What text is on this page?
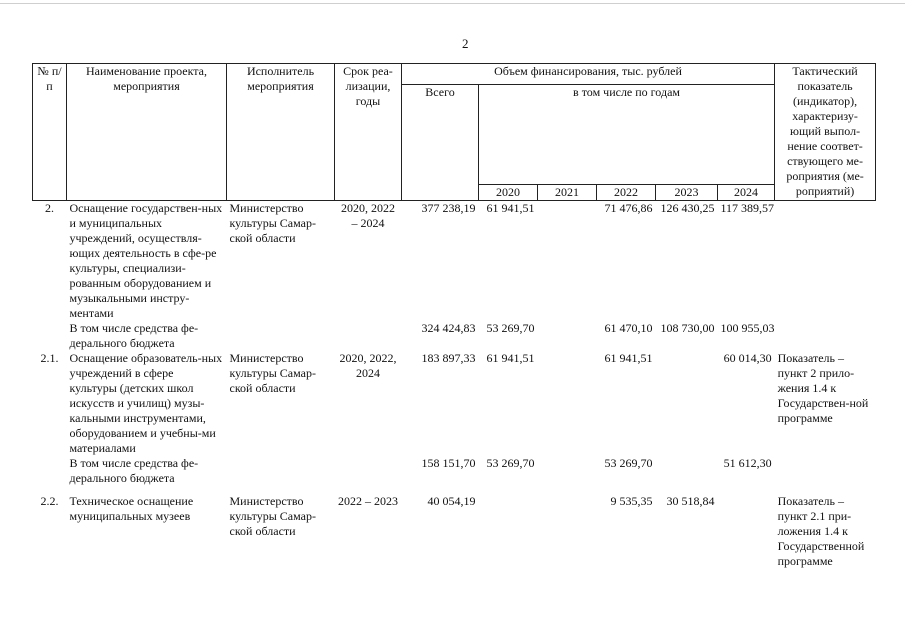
2
№ п/п	Наименование проекта, мероприятия	Исполнитель мероприятия	Срок реа-лизации, годы	Объем финансирования, тыс. рублей						Тактический показатель (индикатор), характеризу-ющий выпол-нение соответ-ствующего ме-роприятия (ме-роприятий)
				Всего	в том числе по годам					
					2020	2021	2022	2023	2024	
2.	Оснащение государствен-ных и муниципальных учреждений, осуществля-ющих деятельность в сфе-ре культуры, специализи-рованным оборудованием и музыкальными инстру-ментами	Министерство культуры Самар-ской области	2020, 2022 – 2024	377 238,19	61 941,51		71 476,86	126 430,25	117 389,57	
	В том числе средства фе-дерального бюджета			324 424,83	53 269,70		61 470,10	108 730,00	100 955,03	
2.1.	Оснащение образователь-ных учреждений в сфере культуры (детских школ искусств и училищ) музы-кальными инструментами, оборудованием и учебны-ми материалами	Министерство культуры Самар-ской области	2020, 2022, 2024	183 897,33	61 941,51		61 941,51		60 014,30	Показатель – пункт 2 прило-жения 1.4 к Государствен-ной программе
	В том числе средства фе-дерального бюджета			158 151,70	53 269,70		53 269,70		51 612,30	

2.2.	Техническое оснащение муниципальных музеев	Министерство культуры Самар-ской области	2022 – 2023	40 054,19			9 535,35	30 518,84		Показатель – пункт 2.1 при-ложения 1.4 к Государственной программе
